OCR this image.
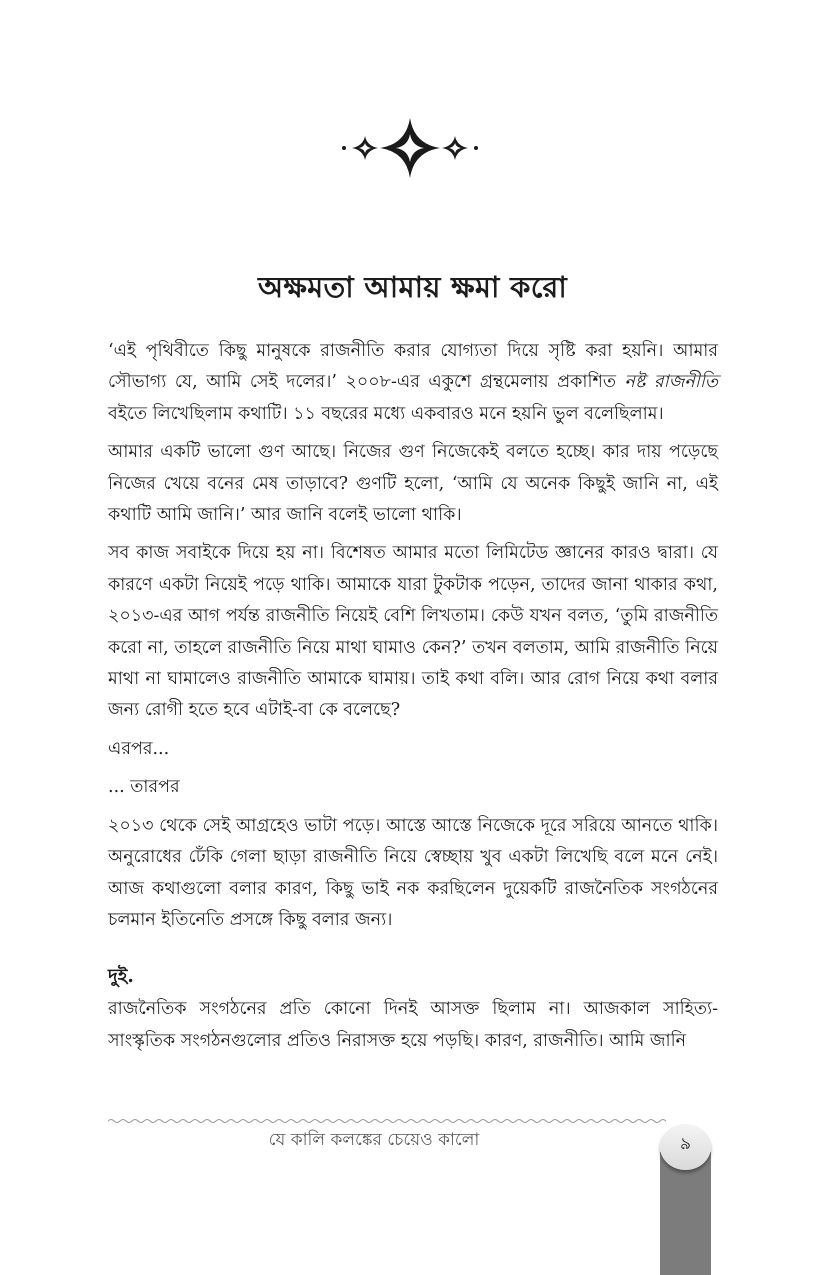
অক্ষমতা আমায় ক্ষমা করো

‘এই পৃথিবীতে কিছু মানুষকে রাজনীতি করার যোগ্যতা দিয়ে সৃষ্টি করা হয়নি। আমার সৌভাগ্য যে, আমি সেই দলের।’ ২০০৮-এর একুশে গ্রন্থমেলায় প্রকাশিত নষ্ট রাজনীতি বইতে লিখেছিলাম কথাটি। ১১ বছরের মধ্যে একবারও মনে হয়নি ভুল বলেছিলাম।

আমার একটি ভালো গুণ আছে। নিজের গুণ নিজেকেই বলতে হচ্ছে। কার দায় পড়েছে নিজের খেয়ে বনের মেষ তাড়াবে? গুণটি হলো, ‘আমি যে অনেক কিছুই জানি না, এই কথাটি আমি জানি।’ আর জানি বলেই ভালো থাকি।

সব কাজ সবাইকে দিয়ে হয় না। বিশেষত আমার মতো লিমিটেড জ্ঞানের কারও দ্বারা। যে কারণে একটা নিয়েই পড়ে থাকি। আমাকে যারা টুকটাক পড়েন, তাদের জানা থাকার কথা, ২০১৩-এর আগ পর্যন্ত রাজনীতি নিয়েই বেশি লিখতাম। কেউ যখন বলত, ‘তুমি রাজনীতি করো না, তাহলে রাজনীতি নিয়ে মাথা ঘামাও কেন?’ তখন বলতাম, আমি রাজনীতি নিয়ে মাথা না ঘামালেও রাজনীতি আমাকে ঘামায়। তাই কথা বলি। আর রোগ নিয়ে কথা বলার জন্য রোগী হতে হবে এটাই-বা কে বলেছে?

এরপর...

... তারপর

২০১৩ থেকে সেই আগ্রহেও ভাটা পড়ে। আস্তে আস্তে নিজেকে দূরে সরিয়ে আনতে থাকি। অনুরোধের ঢেঁকি গেলা ছাড়া রাজনীতি নিয়ে স্বেচ্ছায় খুব একটা লিখেছি বলে মনে নেই। আজ কথাগুলো বলার কারণ, কিছু ভাই নক করছিলেন দুয়েকটি রাজনৈতিক সংগঠনের চলমান ইতিনেতি প্রসঙ্গে কিছু বলার জন্য।

দুই.

রাজনৈতিক সংগঠনের প্রতি কোনো দিনই আসক্ত ছিলাম না। আজকাল সাহিত্য-সাংস্কৃতিক সংগঠনগুলোর প্রতিও নিরাসক্ত হয়ে পড়ছি। কারণ, রাজনীতি। আমি জানি

যে কালি কলঙ্কের চেয়েও কালো	৯
